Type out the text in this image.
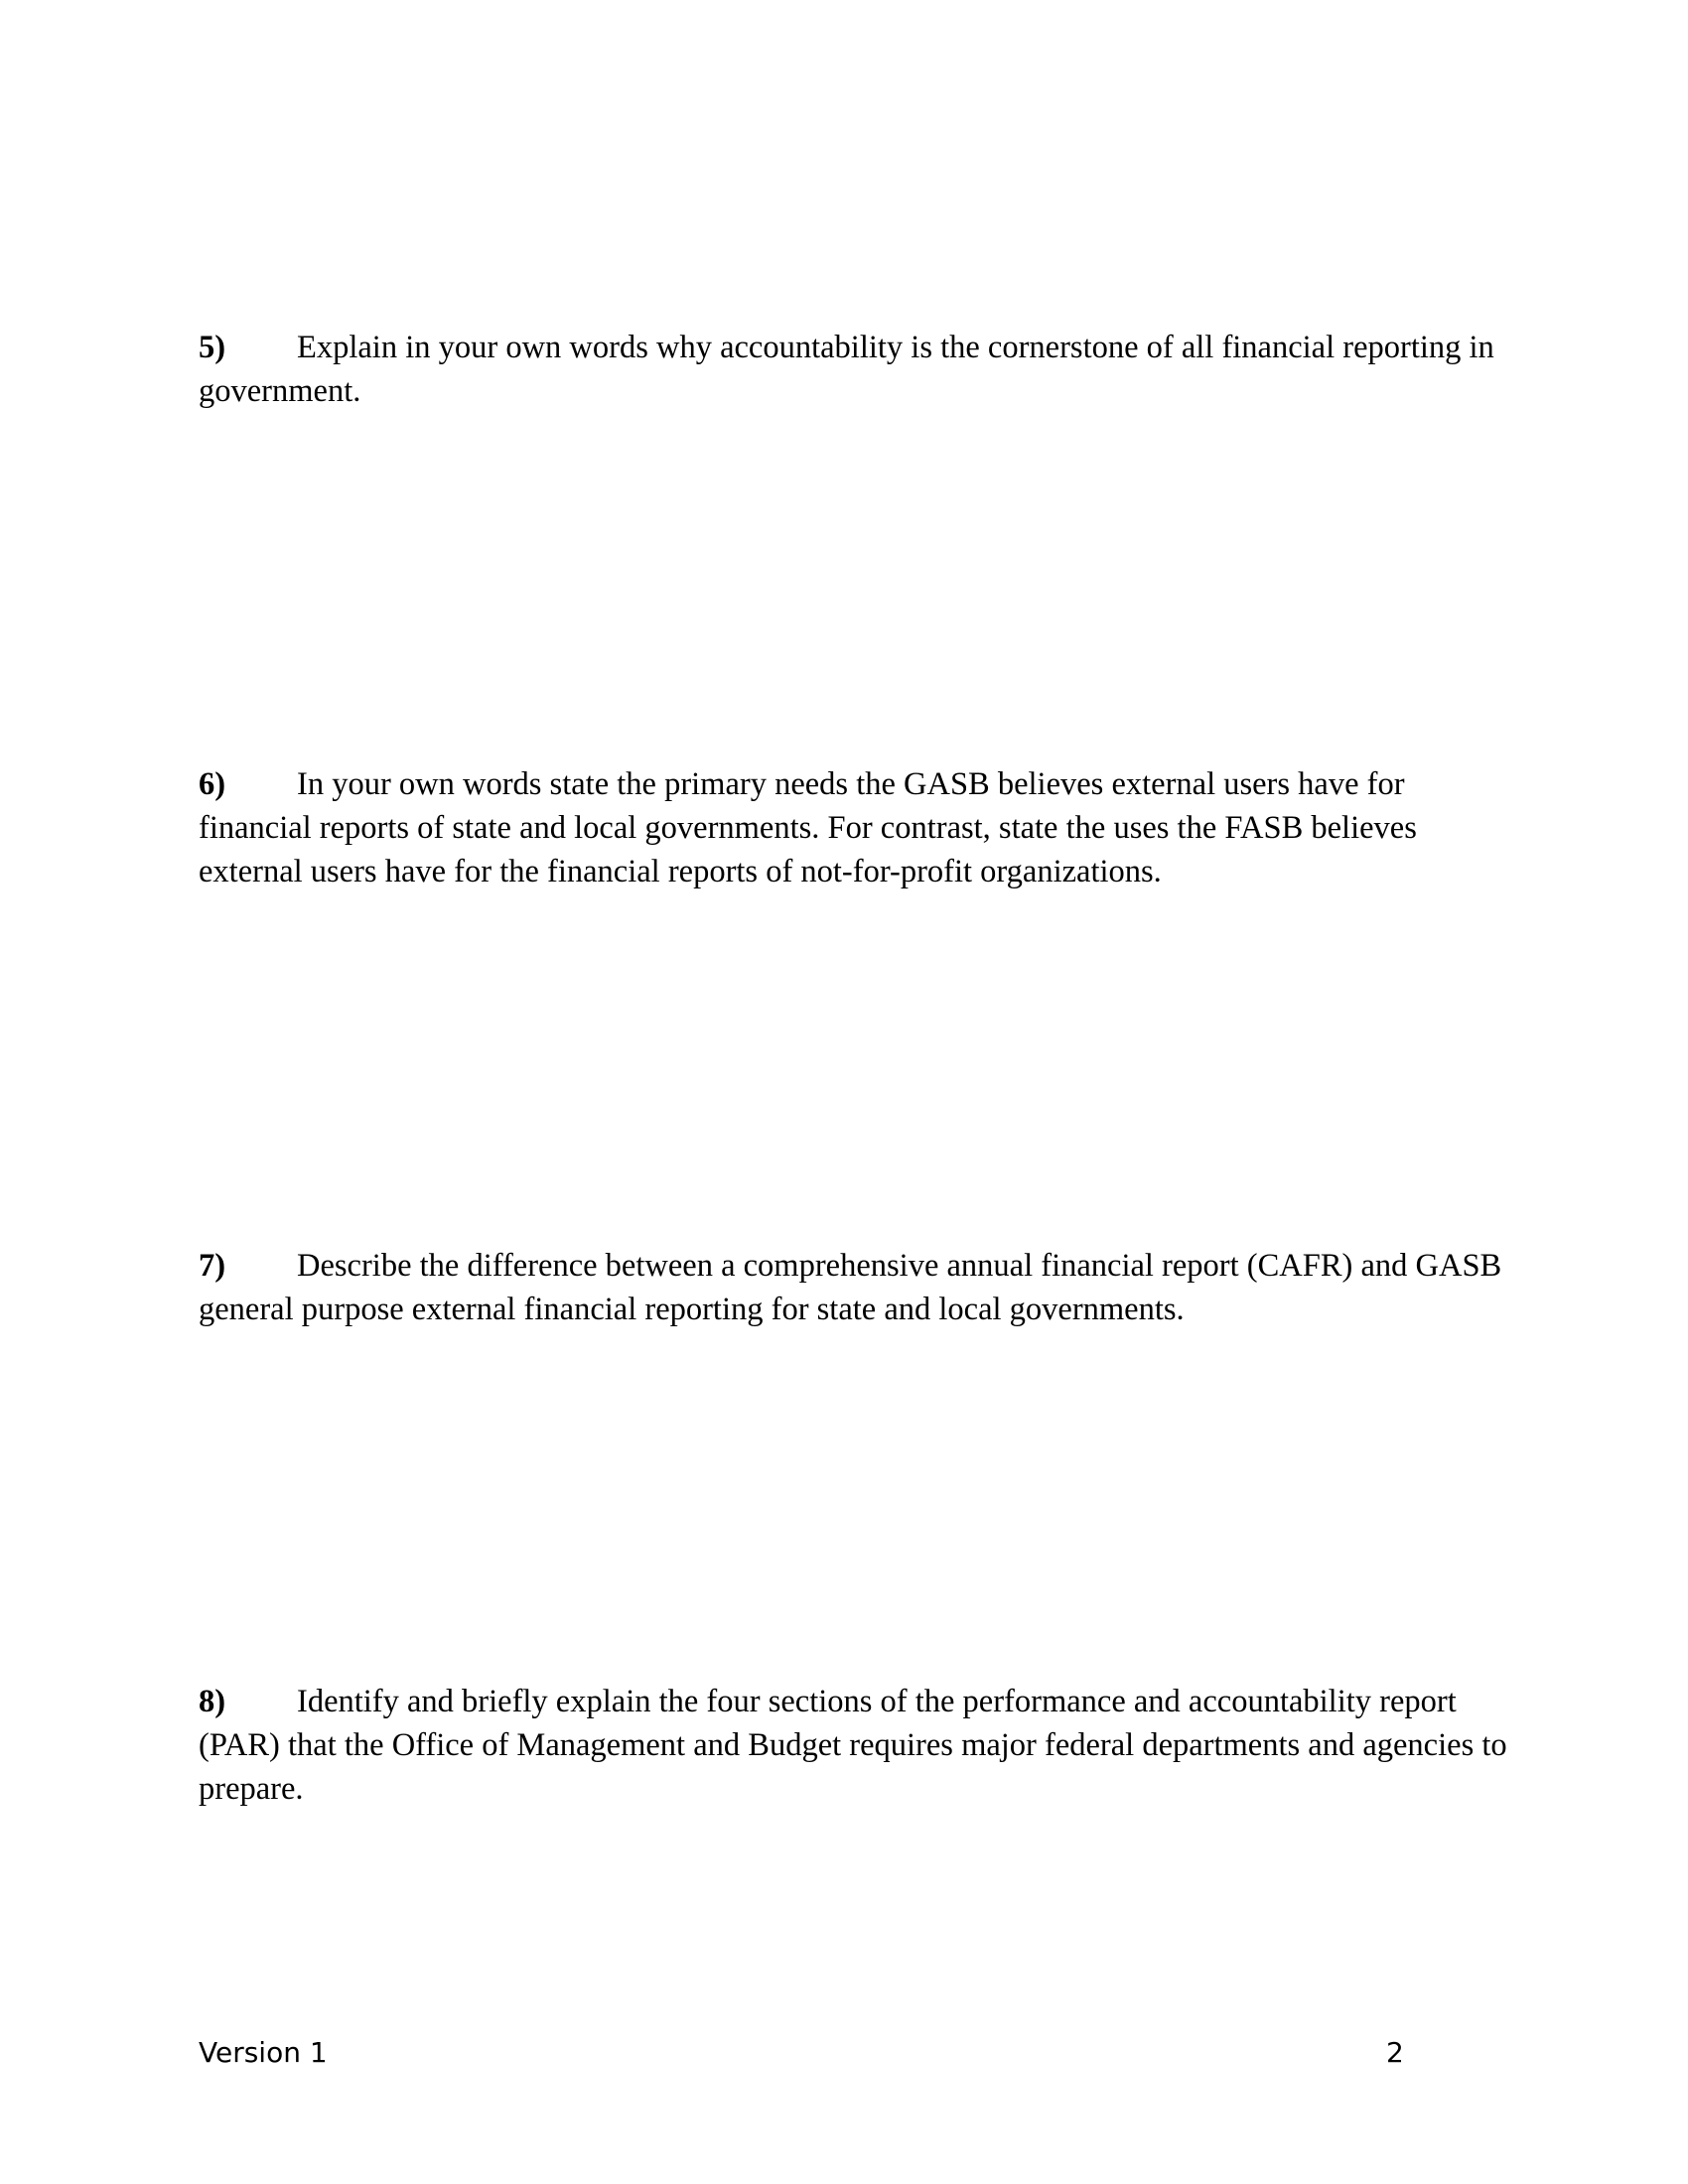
5) Explain in your own words why accountability is the cornerstone of all financial reporting in government.

6) In your own words state the primary needs the GASB believes external users have for financial reports of state and local governments. For contrast, state the uses the FASB believes external users have for the financial reports of not-for-profit organizations.

7) Describe the difference between a comprehensive annual financial report (CAFR) and GASB general purpose external financial reporting for state and local governments.

8) Identify and briefly explain the four sections of the performance and accountability report (PAR) that the Office of Management and Budget requires major federal departments and agencies to prepare.

Version 1	2
